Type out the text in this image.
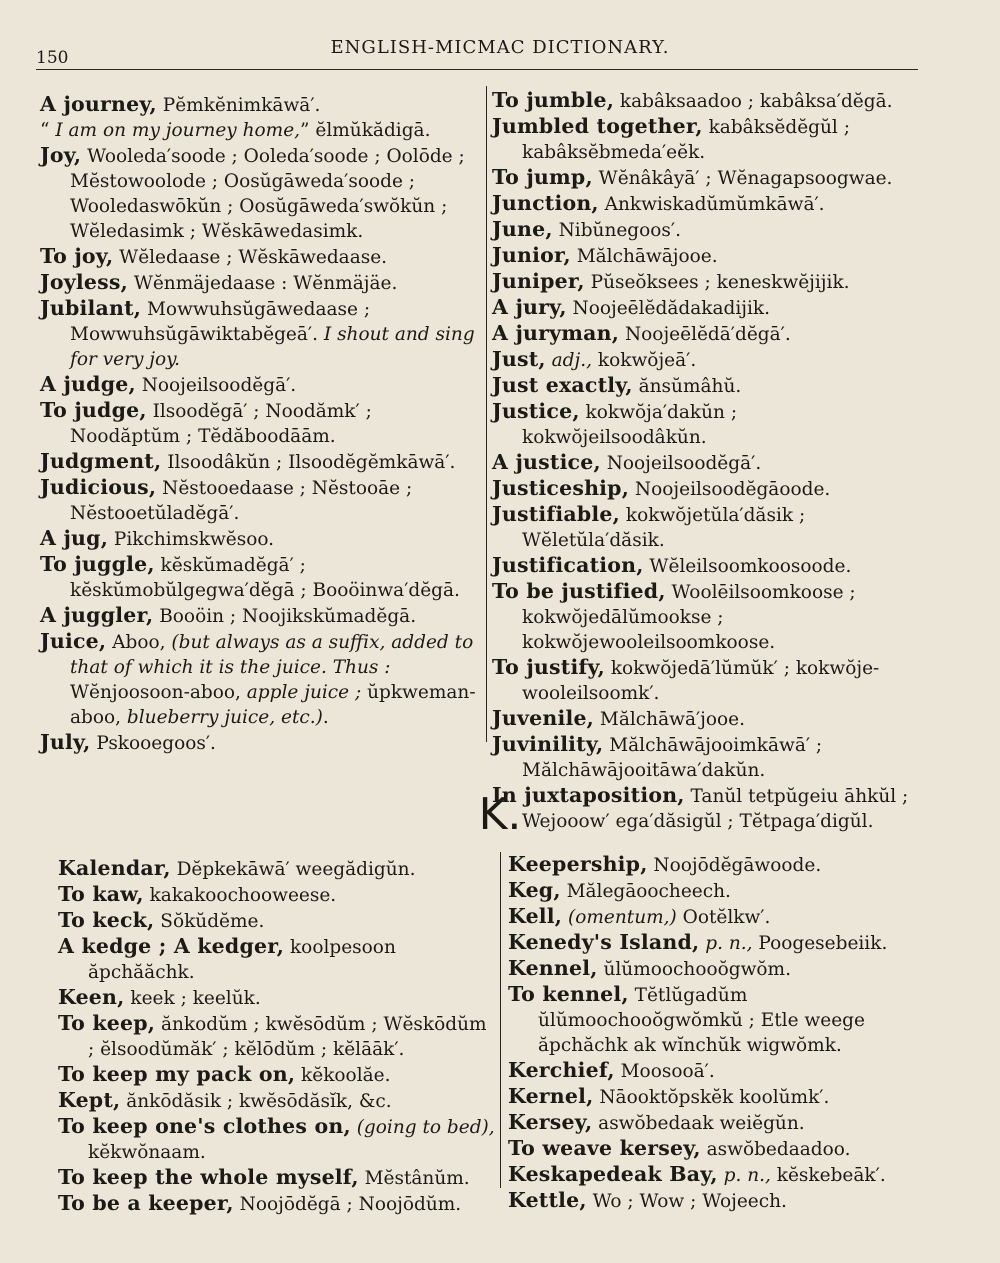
150	ENGLISH-MICMAC DICTIONARY.

A journey, Pĕmkĕnimkāwā′.

“ I am on my journey home,” ĕlmŭkădigā.

Joy, Wooleda′soode ; Ooleda′soode ; Oolōde ; Mĕstowoolode ; Oosŭgāweda′soode ; Wooledaswōkŭn ; Oosŭgāweda′swŏkŭn ; Wĕledasimk ; Wĕskāwedasimk.

To joy, Wĕledaase ; Wĕskāwedaase.

Joyless, Wĕnmäjedaase : Wĕnmäjäe.

Jubilant, Mowwuhsŭgāwedaase ; Mowwuhsŭgāwiktabĕgeā′. I shout and sing for very joy.

A judge, Noojeilsoodĕgā′.

To judge, Ilsoodĕgā′ ; Noodămk′ ; Noodăptŭm ; Tĕdăboodāām.

Judgment, Ilsoodâkŭn ; Ilsoodĕgĕmkāwā′.

Judicious, Nĕstooedaase ; Nĕstooāe ; Nĕstooetŭladĕgā′.

A jug, Pikchimskwĕsoo.

To juggle, kĕskŭmadĕgā′ ; kĕskŭmobŭlgegwa′dĕgā ; Booöinwa′dĕgā.

A juggler, Booöin ; Noojikskŭmadĕgā.

Juice, Aboo, (but always as a suffix, added to that of which it is the juice. Thus : Wĕnjoosoon-aboo, apple juice ; ŭpkweman-aboo, blueberry juice, etc.).

July, Pskooegoos′.

To jumble, kabâksaadoo ; kabâksa′dĕgā.

Jumbled together, kabâksĕdĕgŭl ; kabâksĕbmeda′eĕk.

To jump, Wĕnâkâyā′ ; Wĕnagapsoogwae.

Junction, Ankwiskadŭmŭmkāwā′.

June, Nibŭnegoos′.

Junior, Mălchāwājooe.

Juniper, Pŭseŏksees ; keneskwĕjijik.

A jury, Noojeēlĕdădakadijik.

A juryman, Noojeēlĕdā′dĕgā′.

Just, adj., kokwŏjeā′.

Just exactly, ănsŭmâhŭ.

Justice, kokwŏja′dakŭn ; kokwŏjeilsoodâkŭn.

A justice, Noojeilsoodĕgā′.

Justiceship, Noojeilsoodĕgāoode.

Justifiable, kokwŏjetŭla′dăsik ; Wĕletŭla′dăsik.

Justification, Wĕleilsoomkoosoode.

To be justified, Woolēilsoomkoose ; kokwŏjedālŭmookse ; kokwŏjewooleilsoomkoose.

To justify, kokwŏjedā′lŭmŭk′ ; kokwŏje-wooleilsoomk′.

Juvenile, Mălchāwā′jooe.

Juvinility, Mălchāwājooimkāwā′ ; Mălchāwājooitāwa′dakŭn.

In juxtaposition, Tanŭl tetpŭgeiu āhkŭl ; Wejooow′ ega′dăsigŭl ; Tĕtpaga′digŭl.

K.

Kalendar, Dĕpkekāwā′ weegădigŭn.

To kaw, kakakoochooweese.

To keck, Sŏkŭdĕme.

A kedge ; A kedger, koolpesoon ăpchăăchk.

Keen, keek ; keelŭk.

To keep, ănkodŭm ; kwĕsōdŭm ; Wĕskōdŭm ; ĕlsoodŭmăk′ ; kĕlōdŭm ; kĕlāāk′.

To keep my pack on, kĕkoolăe.

Kept, ănkōdăsik ; kwĕsōdăsĭk, &c.

To keep one's clothes on, (going to bed), kĕkwŏnaam.

To keep the whole myself, Mĕstânŭm.

To be a keeper, Noojōdĕgā ; Noojōdŭm.

Keepership, Noojōdĕgāwoode.

Keg, Mălegāoocheech.

Kell, (omentum,) Ootĕlkw′.

Kenedy's Island, p. n., Poogesebeiik.

Kennel, ŭlŭmoochooŏgwŏm.

To kennel, Tĕtlŭgadŭm ŭlŭmoochooŏgwŏmkŭ ; Etle weege ăpchăchk ak wĭnchŭk wigwŏmk.

Kerchief, Moosooā′.

Kernel, Nāooktŏpskĕk koolŭmk′.

Kersey, aswŏbedaak weiĕgŭn.

To weave kersey, aswŏbedaadoo.

Keskapedeak Bay, p. n., kĕskebeāk′.

Kettle, Wo ; Wow ; Wojeech.
